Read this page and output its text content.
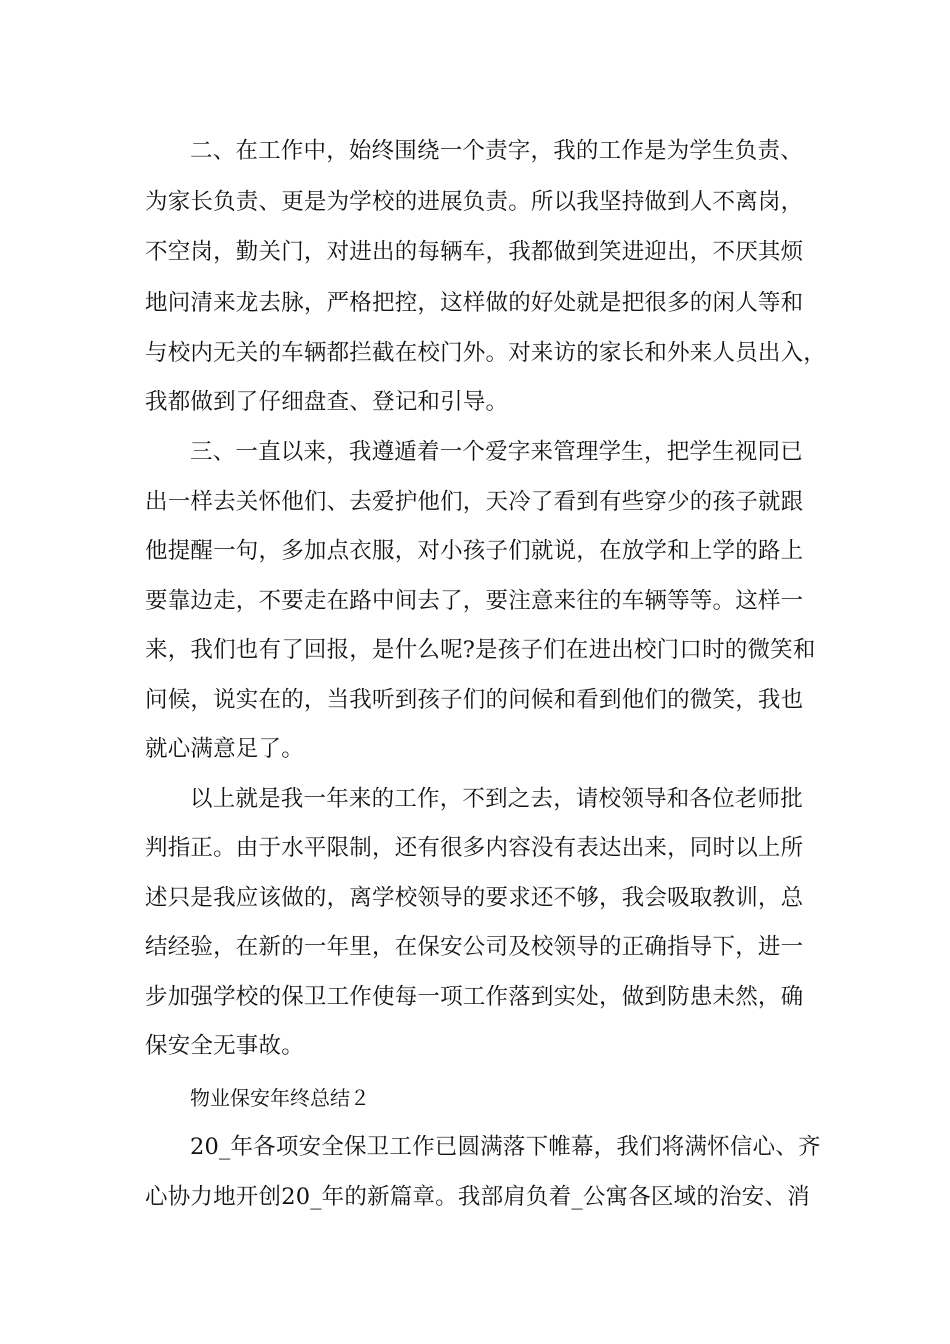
二、在工作中，始终围绕一个责字，我的工作是为学生负责、
为家长负责、更是为学校的进展负责。所以我坚持做到人不离岗，
不空岗，勤关门，对进出的每辆车，我都做到笑进迎出，不厌其烦
地问清来龙去脉，严格把控，这样做的好处就是把很多的闲人等和
与校内无关的车辆都拦截在校门外。对来访的家长和外来人员出入，
我都做到了仔细盘查、登记和引导。
三、一直以来，我遵遁着一个爱字来管理学生，把学生视同已
出一样去关怀他们、去爱护他们，天冷了看到有些穿少的孩子就跟
他提醒一句，多加点衣服，对小孩子们就说，在放学和上学的路上
要靠边走，不要走在路中间去了，要注意来往的车辆等等。这样一
来，我们也有了回报，是什么呢?是孩子们在进出校门口时的微笑和
问候，说实在的，当我听到孩子们的问候和看到他们的微笑，我也
就心满意足了。
以上就是我一年来的工作，不到之去，请校领导和各位老师批
判指正。由于水平限制，还有很多内容没有表达出来，同时以上所
述只是我应该做的，离学校领导的要求还不够，我会吸取教训，总
结经验，在新的一年里，在保安公司及校领导的正确指导下，进一
步加强学校的保卫工作使每一项工作落到实处，做到防患未然，确
保安全无事故。
物业保安年终总结２
20_年各项安全保卫工作已圆满落下帷幕，我们将满怀信心、齐
心协力地开创20_年的新篇章。我部肩负着_公寓各区域的治安、消
